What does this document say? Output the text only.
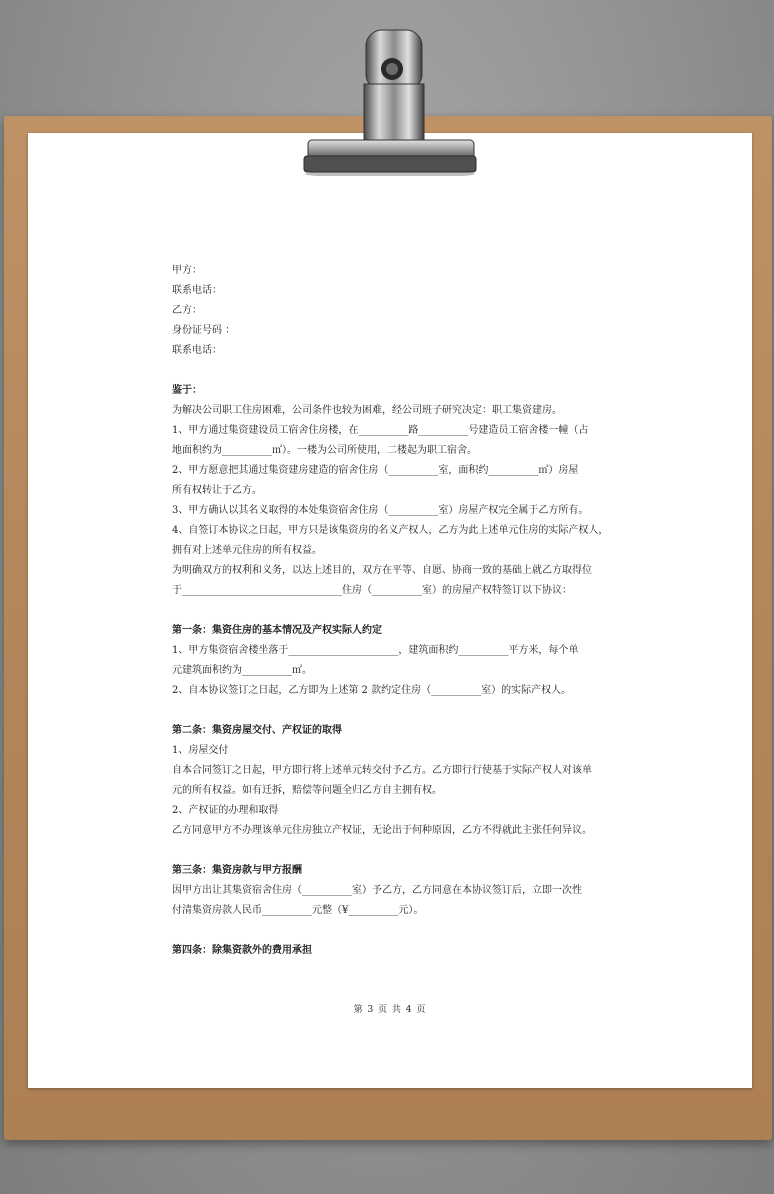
甲方：
联系电话：
乙方：
身份证号码 ：
联系电话：
鉴于：
为解决公司职工住房困难，公司条件也较为困难，经公司班子研究决定：职工集资建房。
1、甲方通过集资建设员工宿舍住房楼，在__________路__________号建造员工宿舍楼一幢（占
地面积约为__________㎡）。一楼为公司所使用，二楼起为职工宿舍。
2、甲方愿意把其通过集资建房建造的宿舍住房（__________室，面积约__________㎡）房屋
所有权转让于乙方。
3、甲方确认以其名义取得的本处集资宿舍住房（__________室）房屋产权完全属于乙方所有。
4、自签订本协议之日起，甲方只是该集资房的名义产权人，乙方为此上述单元住房的实际产权人，
拥有对上述单元住房的所有权益。
为明确双方的权利和义务，以达上述目的，双方在平等、自愿、协商一致的基础上就乙方取得位
于________________________________住房（__________室）的房屋产权特签订以下协议：
第一条：集资住房的基本情况及产权实际人约定
1、甲方集资宿舍楼坐落于______________________，建筑面积约__________平方米，每个单
元建筑面积约为__________㎡。
2、自本协议签订之日起，乙方即为上述第 2 款约定住房（__________室）的实际产权人。
第二条：集资房屋交付、产权证的取得
1、房屋交付
自本合同签订之日起，甲方即行将上述单元转交付予乙方。乙方即行行使基于实际产权人对该单
元的所有权益。如有迁拆，赔偿等问题全归乙方自主拥有权。
2、产权证的办理和取得
乙方同意甲方不办理该单元住房独立产权证，无论出于何种原因，乙方不得就此主张任何异议。
第三条：集资房款与甲方报酬
因甲方出让其集资宿舍住房（__________室）予乙方，乙方同意在本协议签订后，立即一次性
付清集资房款人民币__________元整（¥__________元）。
第四条：除集资款外的费用承担
第 3 页 共 4 页
